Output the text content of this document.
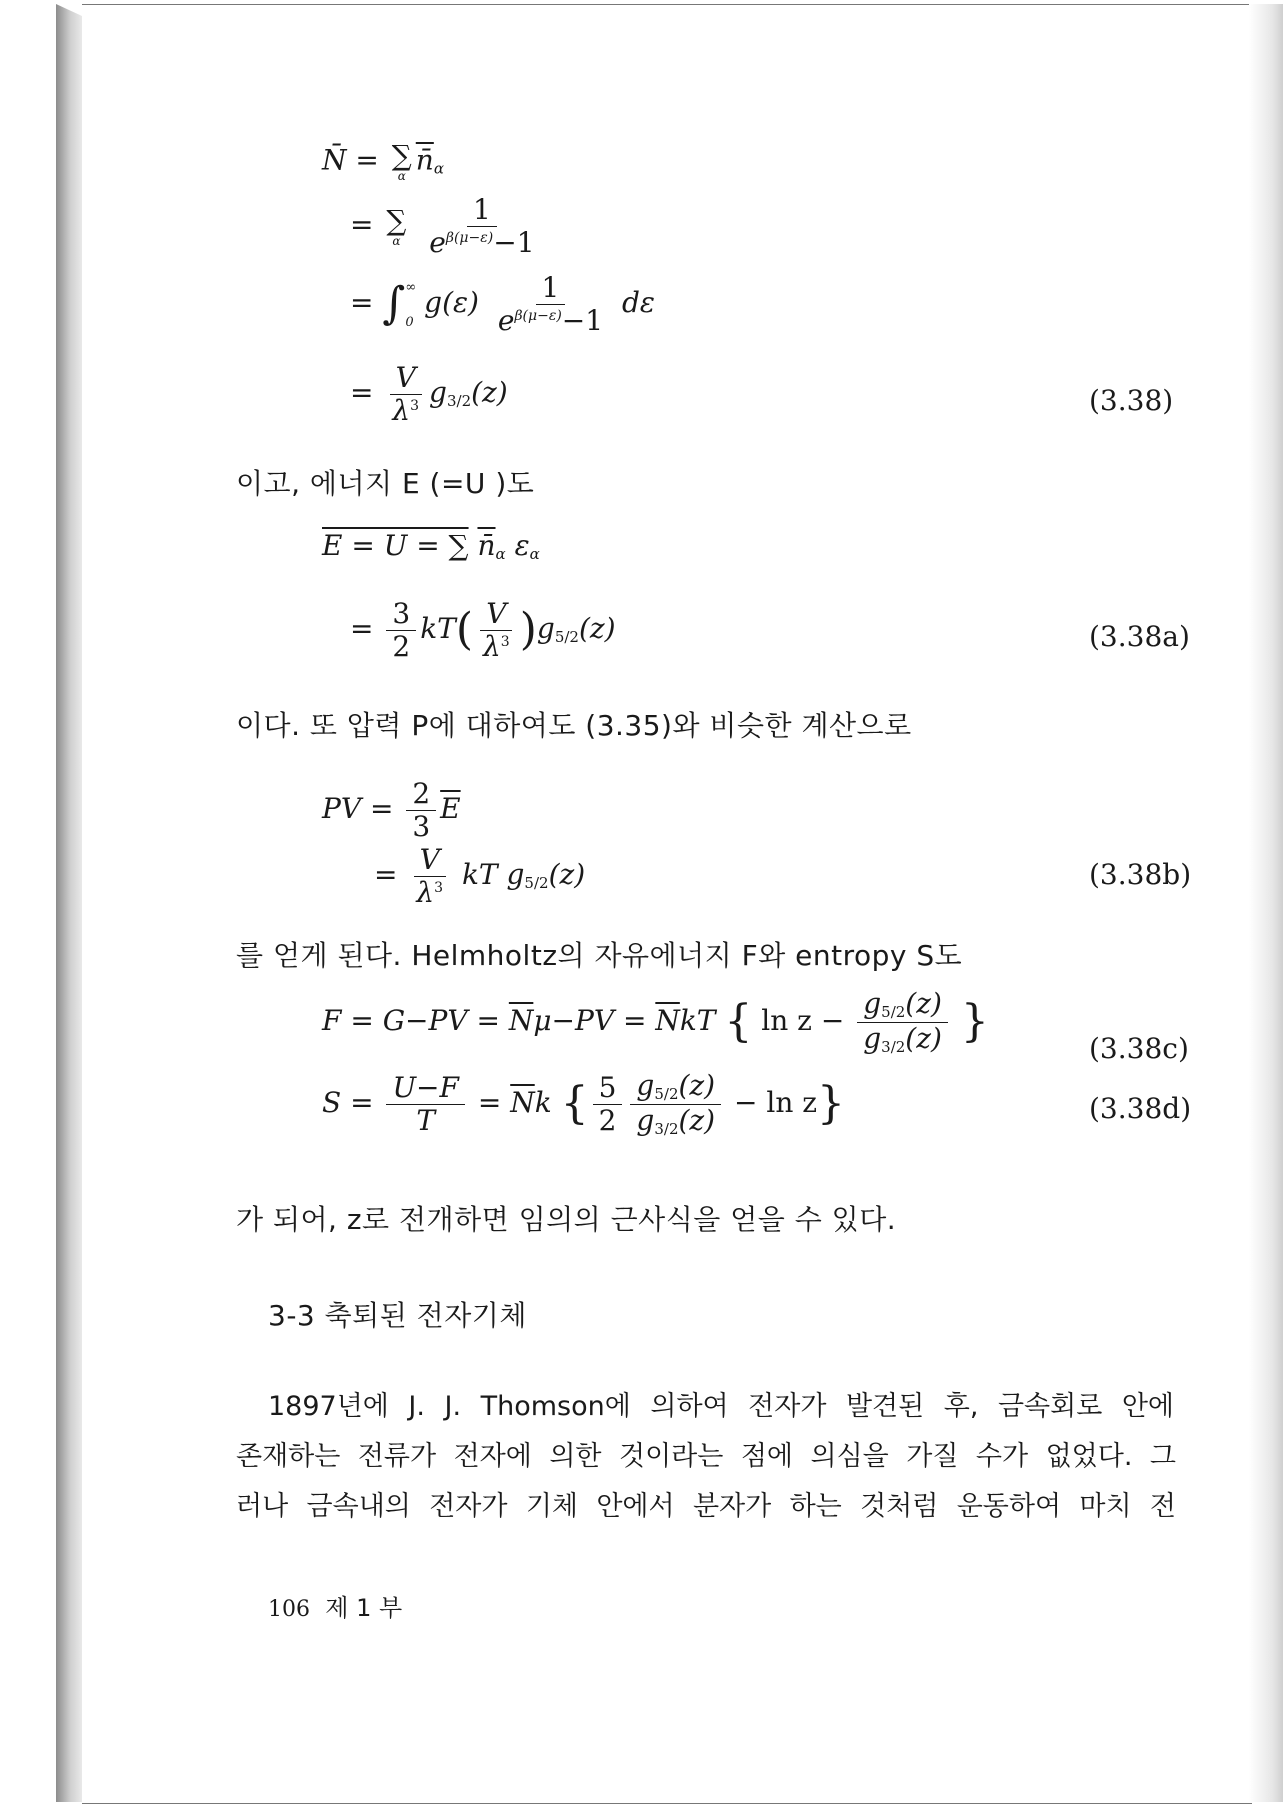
N̄ = ∑
α $n̄_\alpha$
= ∑
α
$\frac{1}{e^{\beta(\mu-\varepsilon)}-1}$
= ∫ ∞
0
$g(\varepsilon) \frac{1}{e^{\beta(\mu-\varepsilon)}-1}$ dε
= $\frac{V}{\lambda^3} g_{3/2}(z)$	(3.38)
이고, 에너지 E (=U )도
E = U = ∑ $n̄_\alpha$ $\varepsilon_\alpha$
= $\frac{3}{2} kT( \frac{V}{\lambda^3} )g_{5/2}(z)$	(3.38a)
이다. 또 압력 P에 대하여도 (3.35)와 비슷한 계산으로
PV = $\frac{2}{3} \overline{E}$
= $\frac{V}{\lambda^3}$ kT $g_{5/2}(z)$	(3.38b)
를 얻게 된다. Helmholtz의 자유에너지 F와 entropy S도
$F = G-PV = \overline{N}\mu-PV = \overline{N}kT$ { $\ln z - \frac{g_{5/2}(z)}{g_{3/2}(z)}$ }
(3.38c)
$S = \frac{U-F}{T} = \overline{N}k$ { $\frac{5}{2} \frac{g_{5/2}(z)}{g_{3/2}(z)} - \ln z$}	(3.38d)
가 되어, z로 전개하면 임의의 근사식을 얻을 수 있다.
3-3 축퇴된 전자기체
1897년에 J. J. Thomson에 의하여 전자가 발견된 후, 금속회로 안에
존재하는 전류가 전자에 의한 것이라는 점에 의심을 가질 수가 없었다. 그
러나 금속내의 전자가 기체 안에서 분자가 하는 것처럼 운동하여 마치 전
106 제 1 부
